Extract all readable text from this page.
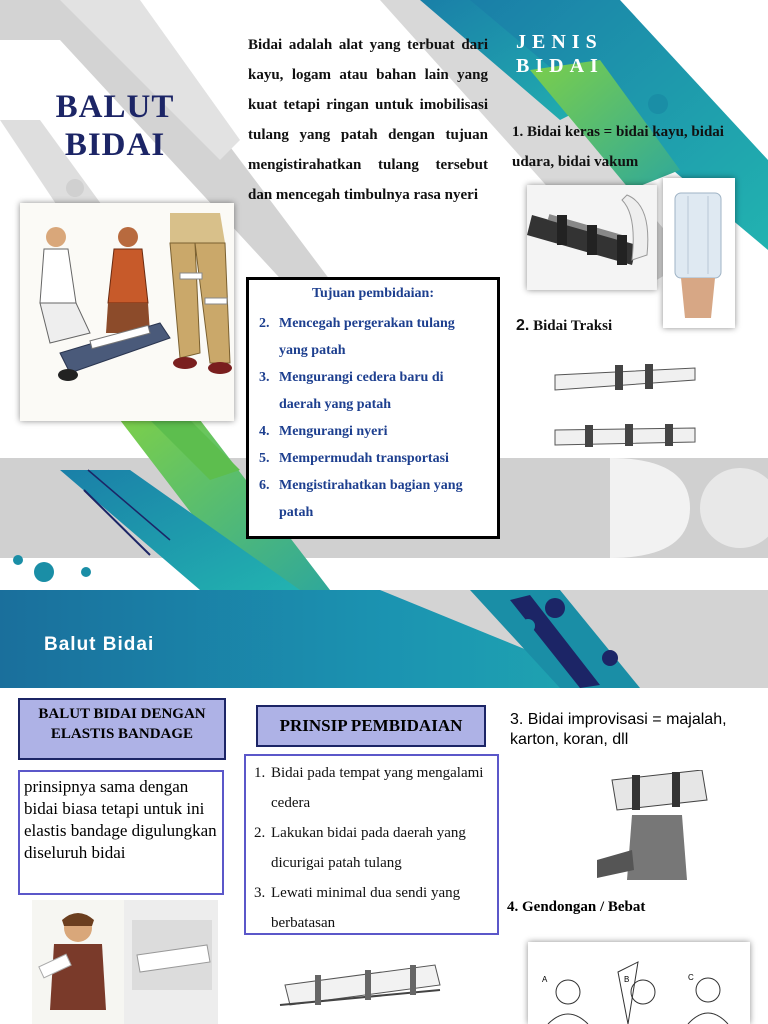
BALUT
BIDAI
Bidai adalah alat yang terbuat dari kayu, logam atau bahan lain yang kuat tetapi ringan untuk imobilisasi tulang yang patah dengan tujuan mengistirahatkan tulang tersebut dan mencegah timbulnya rasa nyeri
Tujuan pembidaian:
2. Mencegah pergerakan tulang yang patah
3. Mengurangi cedera baru di daerah yang patah
4. Mengurangi nyeri
5. Mempermudah transportasi
6. Mengistirahatkan bagian yang patah
JENIS
BIDAI
1. Bidai keras = bidai kayu, bidai udara, bidai vakum
2. Bidai Traksi
Balut Bidai
BALUT BIDAI DENGAN ELASTIS BANDAGE
prinsipnya sama dengan bidai biasa tetapi untuk ini elastis bandage digulungkan diseluruh bidai
PRINSIP PEMBIDAIAN
1. Bidai pada tempat yang mengalami cedera
2. Lakukan bidai pada daerah yang dicurigai patah tulang
3. Lewati minimal dua sendi yang berbatasan
3. Bidai improvisasi = majalah, karton, koran, dll
4. Gendongan / Bebat
A	B	C
